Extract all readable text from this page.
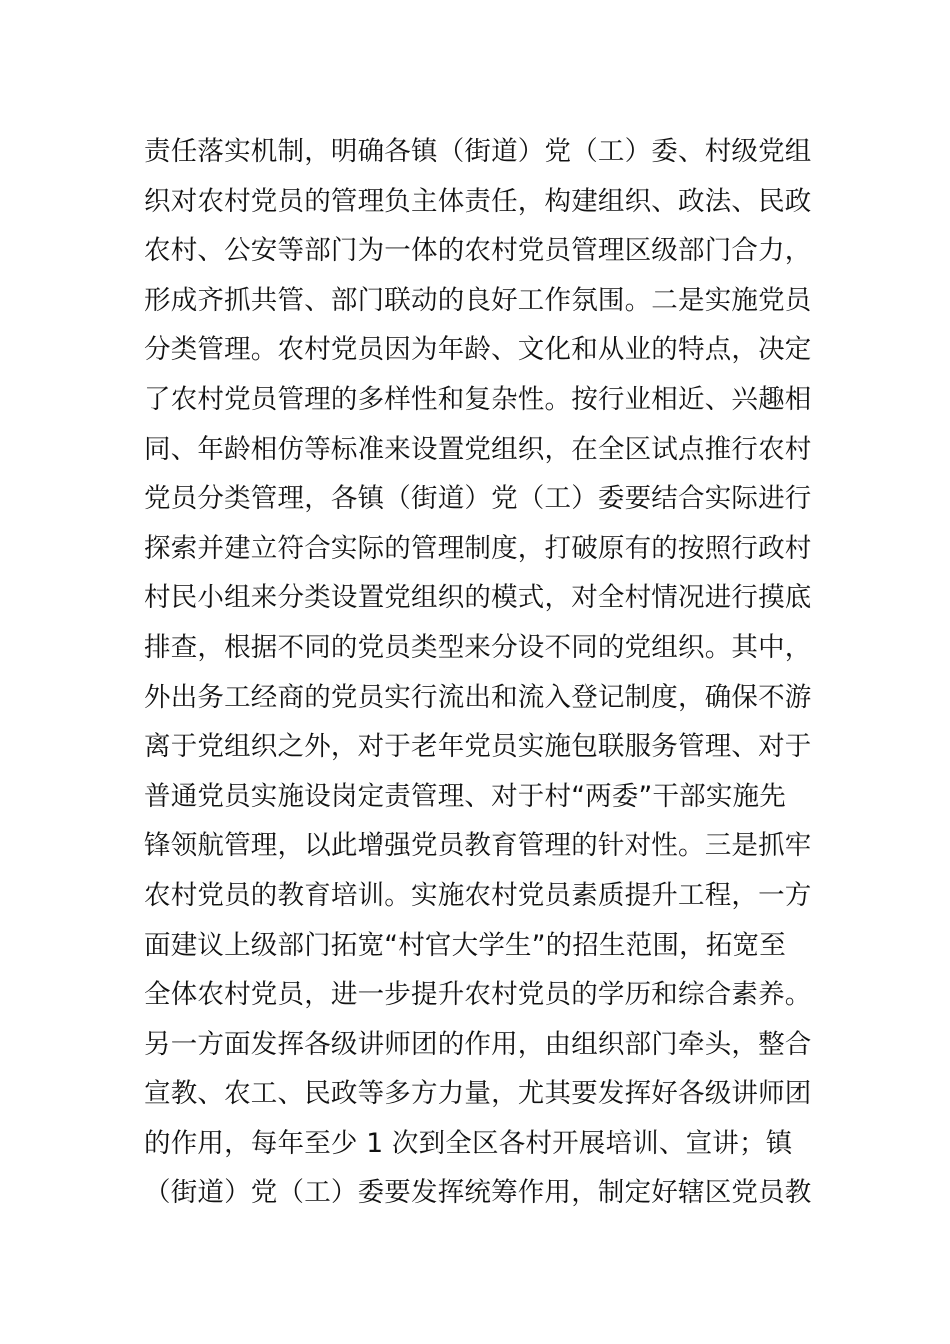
责任落实机制，明确各镇（街道）党（工）委、村级党组
织对农村党员的管理负主体责任，构建组织、政法、民政
农村、公安等部门为一体的农村党员管理区级部门合力，
形成齐抓共管、部门联动的良好工作氛围。二是实施党员
分类管理。农村党员因为年龄、文化和从业的特点，决定
了农村党员管理的多样性和复杂性。按行业相近、兴趣相
同、年龄相仿等标准来设置党组织，在全区试点推行农村
党员分类管理，各镇（街道）党（工）委要结合实际进行
探索并建立符合实际的管理制度，打破原有的按照行政村
村民小组来分类设置党组织的模式，对全村情况进行摸底
排查，根据不同的党员类型来分设不同的党组织。其中，
外出务工经商的党员实行流出和流入登记制度，确保不游
离于党组织之外，对于老年党员实施包联服务管理、对于
普通党员实施设岗定责管理、对于村“两委”干部实施先
锋领航管理，以此增强党员教育管理的针对性。三是抓牢
农村党员的教育培训。实施农村党员素质提升工程，一方
面建议上级部门拓宽“村官大学生”的招生范围，拓宽至
全体农村党员，进一步提升农村党员的学历和综合素养。
另一方面发挥各级讲师团的作用，由组织部门牵头，整合
宣教、农工、民政等多方力量，尤其要发挥好各级讲师团
的作用，每年至少 1 次到全区各村开展培训、宣讲；镇
（街道）党（工）委要发挥统筹作用，制定好辖区党员教
